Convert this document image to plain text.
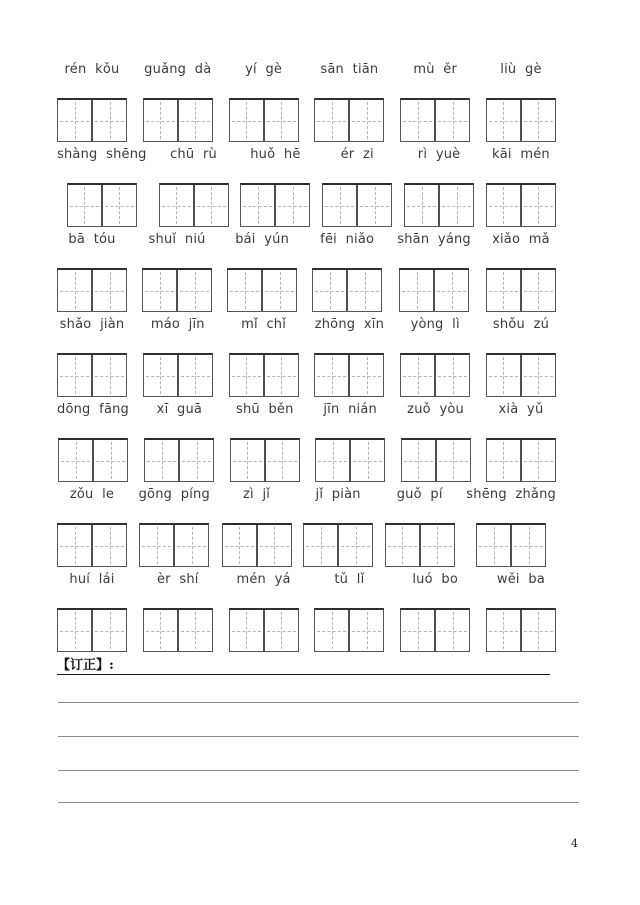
rén  kǒu guǎng  dà	yí  gè	sān  tiān	mù  ěr	liù  gè
shàng  shēng chū  rù	huǒ  hē	ér  zi	rì  yuè kāi  mén
bā  tóu	shuǐ  niú bái  yún fēi  niǎo shān  yáng xiǎo  mǎ
shǎo  jiàn máo  jīn	mǐ  chǐ zhōng  xīn yòng  lì	shǒu  zú
dōng  fāng xī  guā	shū  běn jīn  nián zuǒ  yòu	xià  yǔ
zǒu  le gōng  píng	zì  jǐ	jǐ  piàn	guǒ  pí shēng  zhǎng
huí  lái	èr  shí	mén  yá	tǔ  lǐ	luó  bo	wěi  ba
【订正】:
4
